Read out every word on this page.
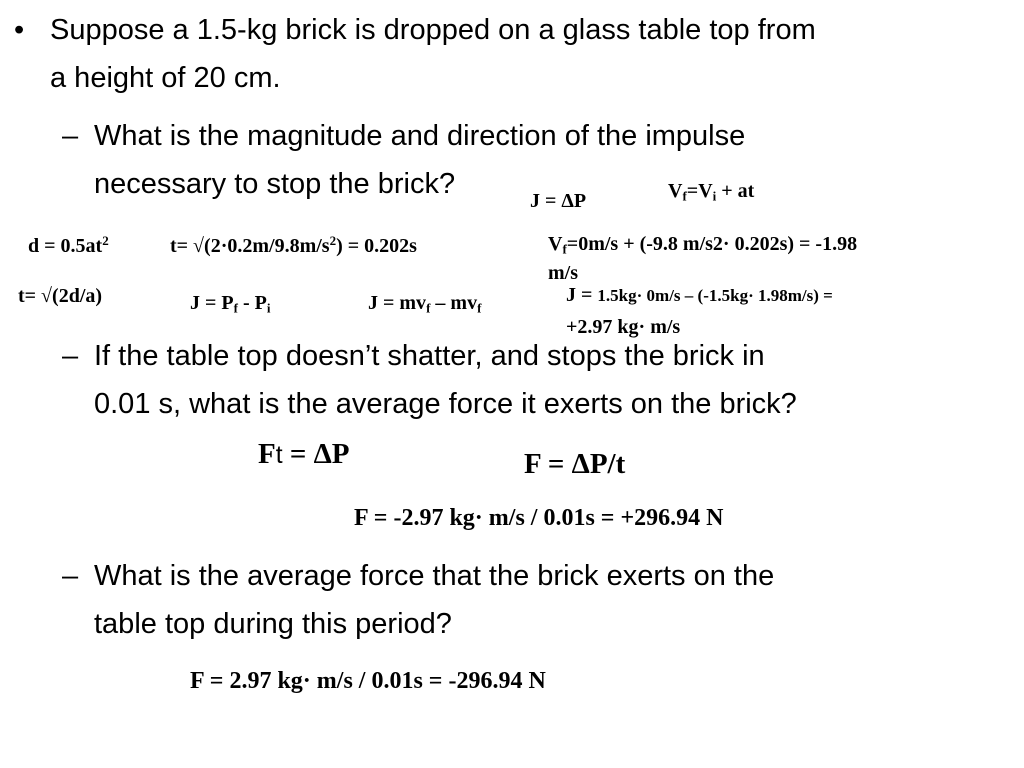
• Suppose a 1.5-kg brick is dropped on a glass table top from
a height of 20 cm.
– What is the magnitude and direction of the impulse
necessary to stop the brick?
J = ΔP	$V_f=V_i$ + at
$d = 0.5at^2$	$t= √(2\cdot 0.2m/9.8m/s^2) = 0.202s$	$V_f=0m/s + (-9.8$ m/s2· 0.202s) = -1.98
m/s
t= √(2d/a)	$J = P_f - P_i$	$J = mv_f - mv_f$
J = 1.5kg· 0m/s – (-1.5kg· 1.98m/s) =
+2.97 kg· m/s
– If the table top doesn’t shatter, and stops the brick in
0.01 s, what is the average force it exerts on the brick?
Ft = ΔP	F = ΔP/t
F = -2.97 kg· m/s / 0.01s = +296.94 N
– What is the average force that the brick exerts on the
table top during this period?
F = 2.97 kg· m/s / 0.01s = -296.94 N
